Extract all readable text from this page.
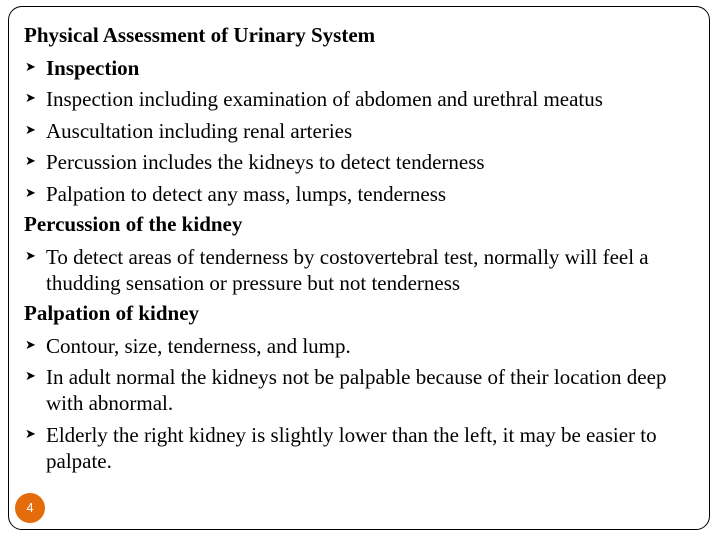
Physical Assessment of Urinary System

➤ Inspection
➤ Inspection including examination of abdomen and urethral meatus
➤ Auscultation including renal arteries
➤ Percussion includes the kidneys to detect tenderness
➤ Palpation to detect any mass, lumps, tenderness

Percussion of the kidney

➤ To detect areas of tenderness by costovertebral test, normally will feel a thudding sensation or pressure but not tenderness

Palpation of kidney

➤ Contour, size, tenderness, and lump.
➤ In adult normal the kidneys not be palpable because of their location deep with abnormal.
➤ Elderly the right kidney is slightly lower than the left, it may be easier to palpate.
4
